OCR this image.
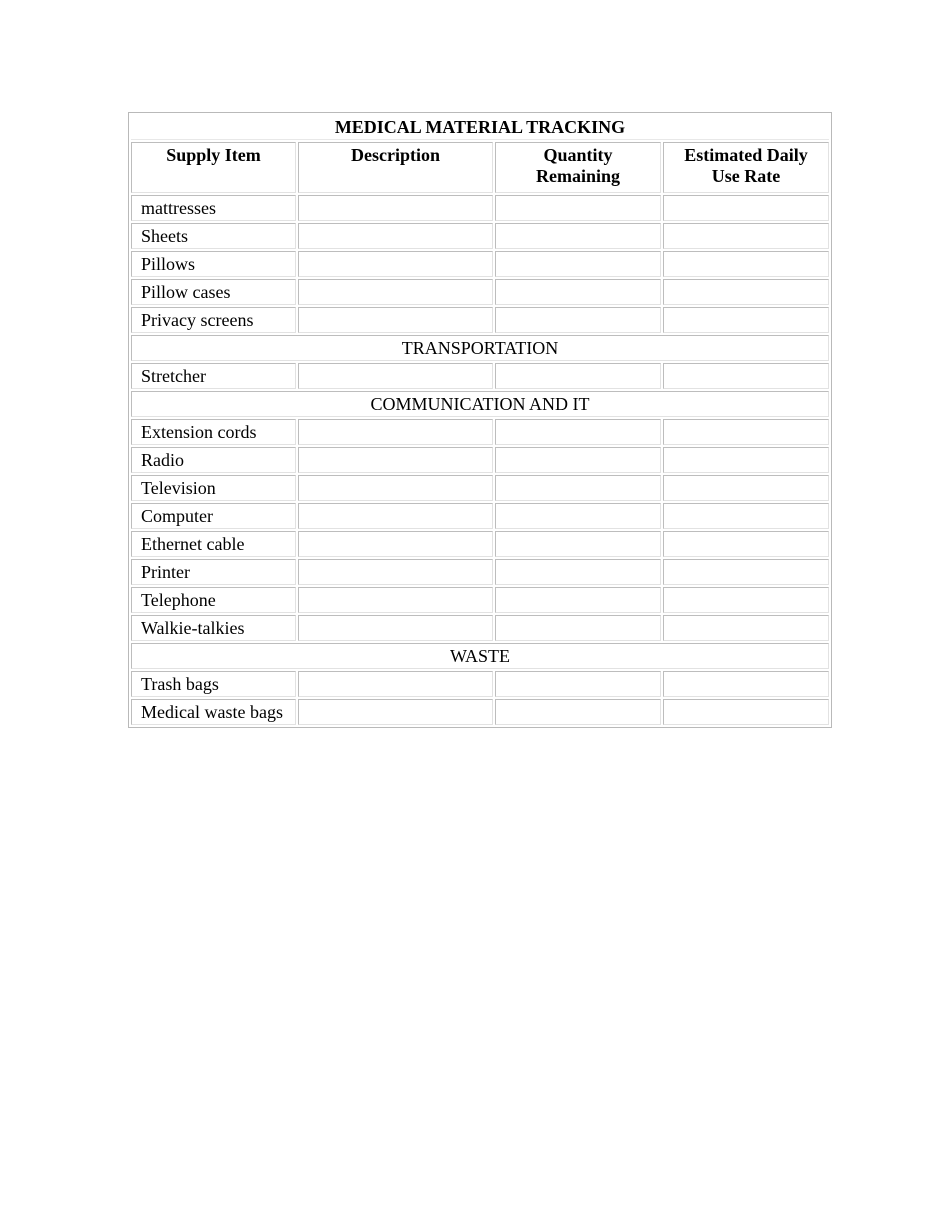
MEDICAL MATERIAL TRACKING			
Supply Item	Description	Quantity Remaining	Estimated Daily Use Rate
mattresses			
Sheets			
Pillows			
Pillow cases			
Privacy screens			
TRANSPORTATION			
Stretcher			
COMMUNICATION AND IT			
Extension cords			
Radio			
Television			
Computer			
Ethernet cable			
Printer			
Telephone			
Walkie-talkies			
WASTE			
Trash bags			
Medical waste bags			
